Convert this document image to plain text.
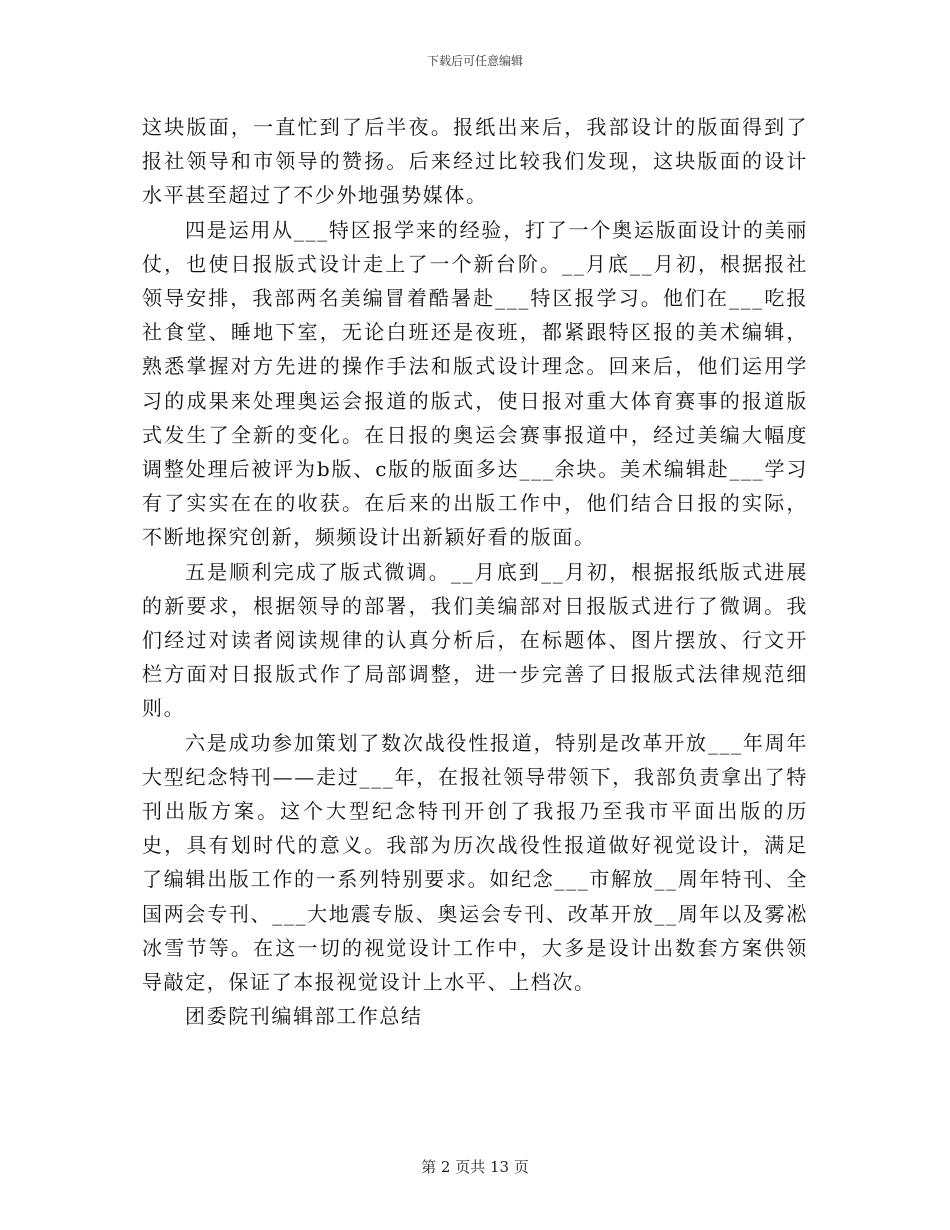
下载后可任意编辑

这块版面，一直忙到了后半夜。报纸出来后，我部设计的版面得到了报社领导和市领导的赞扬。后来经过比较我们发现，这块版面的设计水平甚至超过了不少外地强势媒体。

四是运用从___特区报学来的经验，打了一个奥运版面设计的美丽仗，也使日报版式设计走上了一个新台阶。__月底__月初，根据报社领导安排，我部两名美编冒着酷暑赴___特区报学习。他们在___吃报社食堂、睡地下室，无论白班还是夜班，都紧跟特区报的美术编辑，熟悉掌握对方先进的操作手法和版式设计理念。回来后，他们运用学习的成果来处理奥运会报道的版式，使日报对重大体育赛事的报道版式发生了全新的变化。在日报的奥运会赛事报道中，经过美编大幅度调整处理后被评为b版、c版的版面多达___余块。美术编辑赴___学习有了实实在在的收获。在后来的出版工作中，他们结合日报的实际，不断地探究创新，频频设计出新颖好看的版面。

五是顺利完成了版式微调。__月底到__月初，根据报纸版式进展的新要求，根据领导的部署，我们美编部对日报版式进行了微调。我们经过对读者阅读规律的认真分析后，在标题体、图片摆放、行文开栏方面对日报版式作了局部调整，进一步完善了日报版式法律规范细则。

六是成功参加策划了数次战役性报道，特别是改革开放___年周年大型纪念特刊——走过___年，在报社领导带领下，我部负责拿出了特刊出版方案。这个大型纪念特刊开创了我报乃至我市平面出版的历史，具有划时代的意义。我部为历次战役性报道做好视觉设计，满足了编辑出版工作的一系列特别要求。如纪念___市解放__周年特刊、全国两会专刊、___大地震专版、奥运会专刊、改革开放__周年以及雾凇冰雪节等。在这一切的视觉设计工作中，大多是设计出数套方案供领导敲定，保证了本报视觉设计上水平、上档次。

团委院刊编辑部工作总结

第 2 页共 13 页
